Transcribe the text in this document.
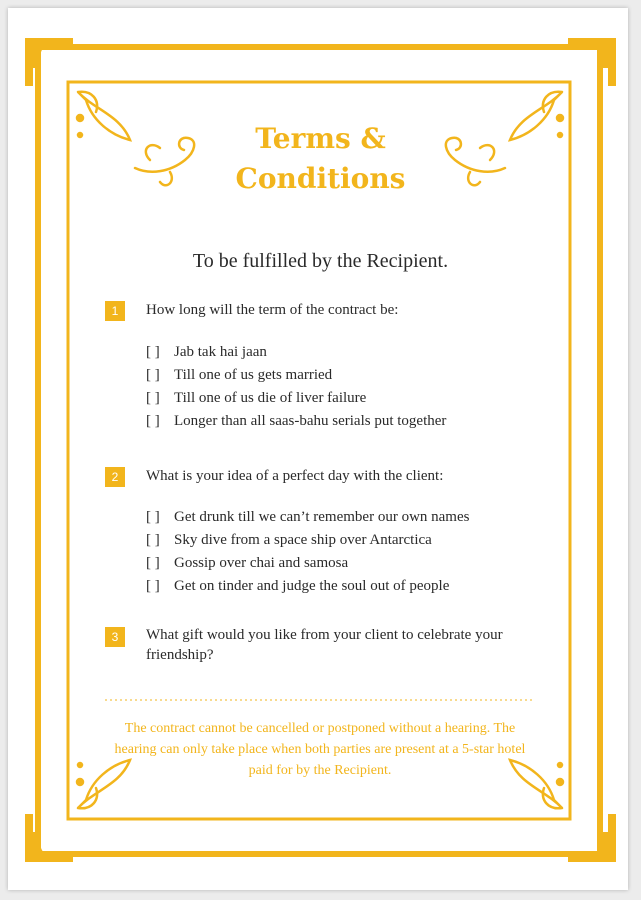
Terms &
Conditions
To be fulfilled by the Recipient.
1	How long will the term of the contract be:
[ ] Jab tak hai jaan
[ ] Till one of us gets married
[ ] Till one of us die of liver failure
[ ] Longer than all saas-bahu serials put together
2	What is your idea of a perfect day with the client:
[ ] Get drunk till we can’t remember our own names
[ ] Sky dive from a space ship over Antarctica
[ ] Gossip over chai and samosa
[ ] Get on tinder and judge the soul out of people
3	What gift would you like from your client to celebrate your friendship?
The contract cannot be cancelled or postponed without a hearing. The hearing can only take place when both parties are present at a 5-star hotel paid for by the Recipient.
